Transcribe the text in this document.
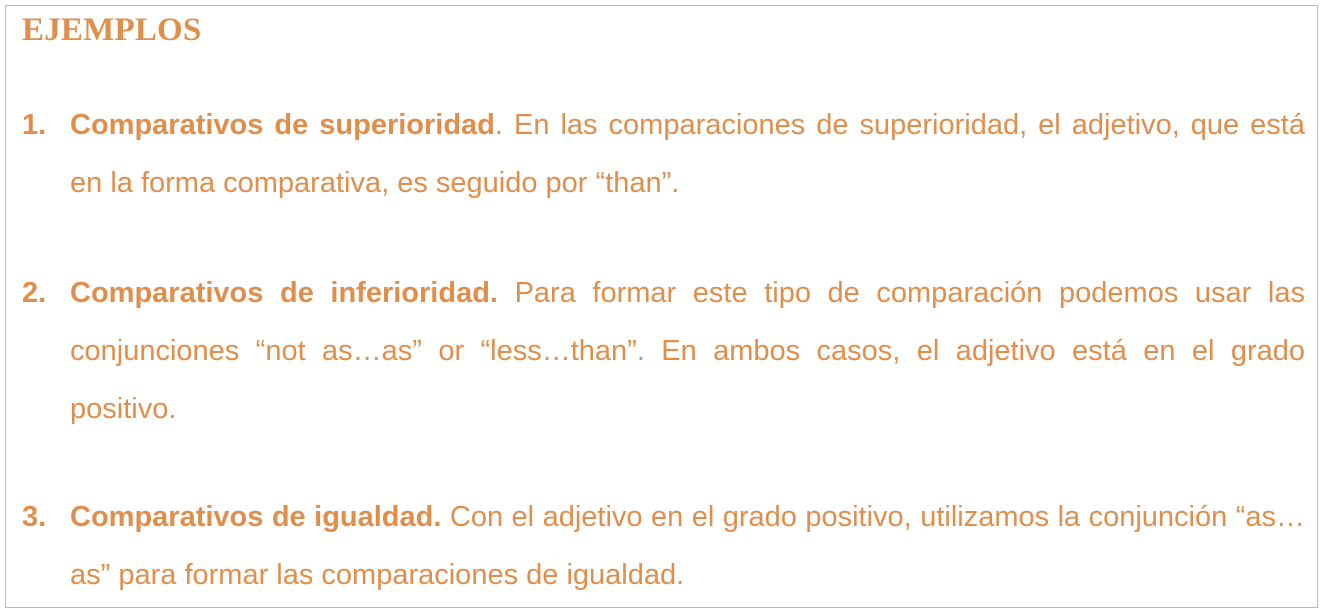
EJEMPLOS
1. Comparativos de superioridad. En las comparaciones de superioridad, el adjetivo, que está en la forma comparativa, es seguido por “than”.
2. Comparativos de inferioridad. Para formar este tipo de comparación podemos usar las conjunciones “not as…as” or “less…than”. En ambos casos, el adjetivo está en el grado positivo.
3. Comparativos de igualdad. Con el adjetivo en el grado positivo, utilizamos la conjunción “as…as” para formar las comparaciones de igualdad.
